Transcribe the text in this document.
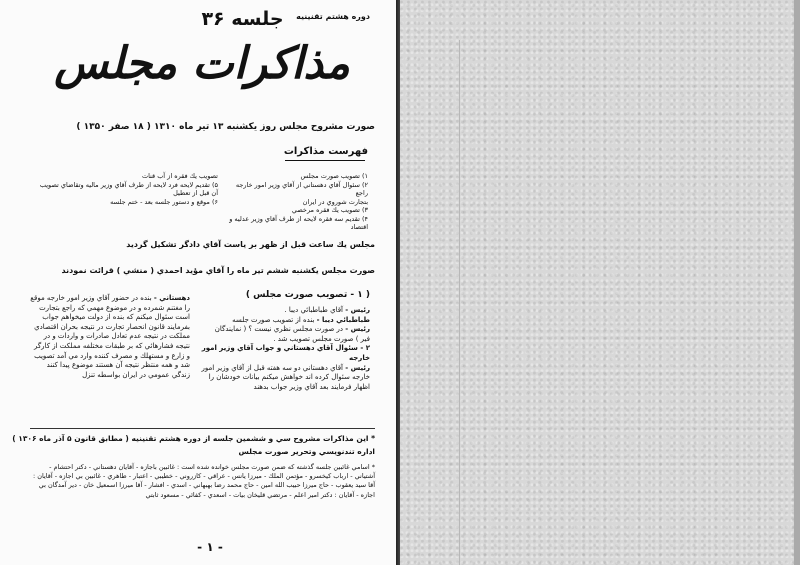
دوره هشتم تقنينيه
جلسه ۳۶
مذاكرات مجلس
صورت مشروح مجلس روز يكشنبه ۱۳ تير ماه ۱۳۱۰ ( ۱۸ صفر ۱۳۵۰ )
فهرست مذاكرات
۱) تصويب صورت مجلس
۲) سئوال آقاي دهستاني از آقاي وزير امور خارجه راجع
بتجارت شوروي در ايران
۳) تصويب يك فقره مرخصي
۴) تقديم سه فقره لايحه از طرف آقاي وزير عدليه و اقتصاد
تصويب يك فقره از آب قنات
۵) تقديم لايحه فرد لايحه از طرف آقاي وزير ماليه وتقاضاي تصويب
آن قبل از تعطيل
۶) موقع و دستور جلسه بعد - ختم جلسه
مجلس يك ساعت قبل از ظهر بر ياست آقاي دادگر تشكيل گرديد
صورت مجلس يكشنبه ششم تير ماه را آقاي مؤيد احمدي ( منشي ) قرائت نمودند
( ۱ - تصويب صورت مجلس )
رئيس - آقاي طباطبائي ديبا .
طباطبائي ديبا - بنده از تصويب صورت جلسه
رئيس - در صورت مجلس نظري نيست ؟ ( نمايندگان
فير ) صورت مجلس تصويب شد .
۲ - سئوال آقاي دهستاني و جواب آقاي وزير امور خارجه
رئيس - آقاي دهستاني دو سه هفته قبل از آقاي وزير امور خارجه سئوال كرده اند خواهش ميكنم بيانات خودشان را اظهار فرمايند بعد آقاي وزير جواب بدهند
دهستاني - بنده در حضور آقاي وزير امور خارجه موقع را مغتنم شمرده و در موضوع مهمي كه راجع بتجارت است سئوال ميكنم كه بنده از دولت ميخواهم جواب بفرمايند قانون انحصار تجارت در نتيجه بحران اقتصادي مملكت در نتيجه عدم تعادل صادرات و واردات و در نتيجه فشارهائي كه بر طبقات مختلفه مملكت از كارگر و زارع و مستهلك و مصرف كننده وارد مي آمد تصويب شد و همه منتظر نتيجه آن هستند موضوع پيدا كنند زندگي عمومي در ايران بواسطه تنزل
* اين مذاكرات مشروح سي و ششمين جلسه از دوره هشتم تقنينيه ( مطابق قانون ۵ آذر ماه ۱۳۰۶ )
اداره تندنويسي وتحرير صورت مجلس
* اسامي غائبين جلسه گذشته كه ضمن صورت مجلس خوانده شده است : غائبين باجازه - آقايان دهستاني - دكتر احتشام - آشتياني - ارباب كيخسرو - مؤتمن الملك - ميرزا يانس - عراقي - كازروني - خطيبي - اعتبار - طاهري - غائبين بي اجازه - آقايان : آقا سيد يعقوب - حاج ميرزا حبيب الله امين - حاج محمد رضا بهبهاني - اسدي - افشار - آقا ميرزا اسمعيل خان - دير آمدگان بي اجازه - آقايان : دكتر امير اعلم - مرتضي قليخان بيات - اسعدي - كفائي - مسعود ثابتي
- ۱ -
